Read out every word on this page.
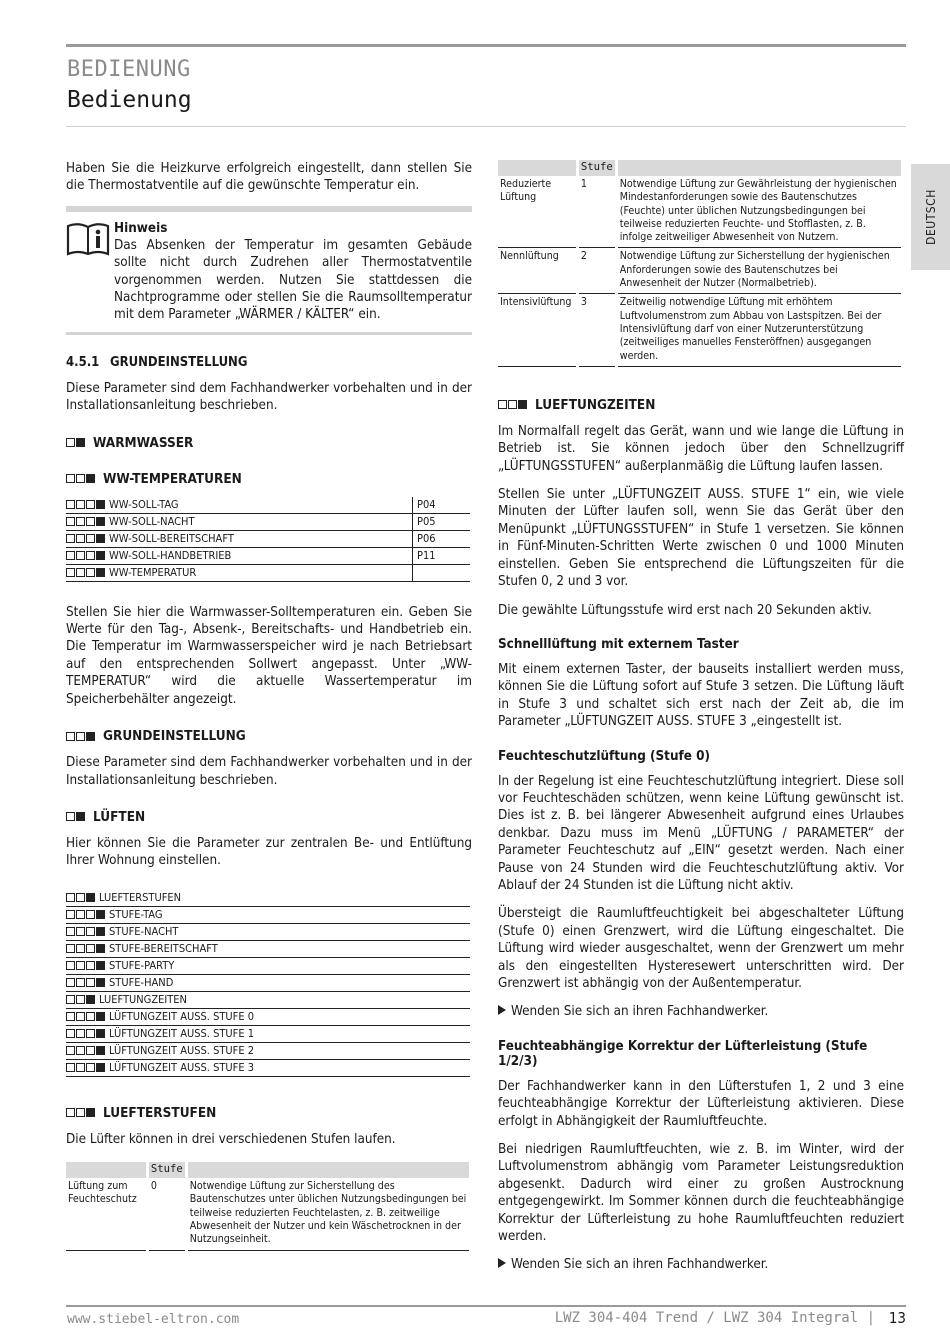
BEDIENUNG
Bedienung
DEUTSCH

Haben Sie die Heizkurve erfolgreich eingestellt, dann stellen Sie die Thermostatventile auf die gewünschte Temperatur ein.

Hinweis
Das Absenken der Temperatur im gesamten Gebäude sollte nicht durch Zudrehen aller Thermostatventile vorgenommen werden. Nutzen Sie stattdessen die Nachtprogramme oder stellen Sie die Raumsolltemperatur mit dem Parameter „WÄRMER / KÄLTER“ ein.
4.5.1 GRUNDEINSTELLUNG

Diese Parameter sind dem Fachhandwerker vorbehalten und in der Installationsanleitung beschrieben.

WARMWASSER
WW-TEMPERATUREN
WW-SOLL-TAG	P04
WW-SOLL-NACHT	P05
WW-SOLL-BEREITSCHAFT	P06
WW-SOLL-HANDBETRIEB	P11
WW-TEMPERATUR

Stellen Sie hier die Warmwasser-Solltemperaturen ein. Geben Sie Werte für den Tag-, Absenk-, Bereitschafts- und Handbetrieb ein. Die Temperatur im Warmwasserspeicher wird je nach Betriebsart auf den entsprechenden Sollwert angepasst. Unter „WW-TEMPERATUR“ wird die aktuelle Wassertemperatur im Speicherbehälter angezeigt.

GRUNDEINSTELLUNG

Diese Parameter sind dem Fachhandwerker vorbehalten und in der Installationsanleitung beschrieben.

LÜFTEN

Hier können Sie die Parameter zur zentralen Be- und Entlüftung Ihrer Wohnung einstellen.

LUEFTERSTUFEN
STUFE-TAG
STUFE-NACHT
STUFE-BEREITSCHAFT
STUFE-PARTY
STUFE-HAND
LUEFTUNGZEITEN
LÜFTUNGZEIT AUSS. STUFE 0
LÜFTUNGZEIT AUSS. STUFE 1
LÜFTUNGZEIT AUSS. STUFE 2
LÜFTUNGZEIT AUSS. STUFE 3
LUEFTERSTUFEN

Die Lüfter können in drei verschiedenen Stufen laufen.

	Stufe	
Lüftung zum Feuchteschutz	0	Notwendige Lüftung zur Sicherstellung des Bautenschutzes unter üblichen Nutzungsbedingungen bei teilweise reduzierten Feuchtelasten, z. B. zeitweilige Abwesenheit der Nutzer und kein Wäschetrocknen in der Nutzungseinheit.
	Stufe	
Reduzierte Lüftung	1	Notwendige Lüftung zur Gewährleistung der hygienischen Mindestanforderungen sowie des Bautenschutzes (Feuchte) unter üblichen Nutzungsbedingungen bei teilweise reduzierten Feuchte- und Stofflasten, z. B. infolge zeitweiliger Abwesenheit von Nutzern.
Nennlüftung	2	Notwendige Lüftung zur Sicherstellung der hygienischen Anforderungen sowie des Bautenschutzes bei Anwesenheit der Nutzer (Normalbetrieb).
Intensivlüftung	3	Zeitweilig notwendige Lüftung mit erhöhtem Luftvolumenstrom zum Abbau von Lastspitzen. Bei der Intensivlüftung darf von einer Nutzerunterstützung (zeitweiliges manuelles Fensteröffnen) ausgegangen werden.
LUEFTUNGZEITEN

Im Normalfall regelt das Gerät, wann und wie lange die Lüftung in Betrieb ist. Sie können jedoch über den Schnellzugriff „LÜFTUNGSSTUFEN“ außerplanmäßig die Lüftung laufen lassen.

Stellen Sie unter „LÜFTUNGZEIT AUSS. STUFE 1“ ein, wie viele Minuten der Lüfter laufen soll, wenn Sie das Gerät über den Menüpunkt „LÜFTUNGSSTUFEN“ in Stufe 1 versetzen. Sie können in Fünf-Minuten-Schritten Werte zwischen 0 und 1000 Minuten einstellen. Geben Sie entsprechend die Lüftungszeiten für die Stufen 0, 2 und 3 vor.

Die gewählte Lüftungsstufe wird erst nach 20 Sekunden aktiv.

Schnelllüftung mit externem Taster

Mit einem externen Taster, der bauseits installiert werden muss, können Sie die Lüftung sofort auf Stufe 3 setzen. Die Lüftung läuft in Stufe 3 und schaltet sich erst nach der Zeit ab, die im Parameter „LÜFTUNGZEIT AUSS. STUFE 3 „eingestellt ist.

Feuchteschutzlüftung (Stufe 0)

In der Regelung ist eine Feuchteschutzlüftung integriert. Diese soll vor Feuchteschäden schützen, wenn keine Lüftung gewünscht ist. Dies ist z. B. bei längerer Abwesenheit aufgrund eines Urlaubes denkbar. Dazu muss im Menü „LÜFTUNG / PARAMETER“ der Parameter Feuchteschutz auf „EIN“ gesetzt werden. Nach einer Pause von 24 Stunden wird die Feuchteschutzlüftung aktiv. Vor Ablauf der 24 Stunden ist die Lüftung nicht aktiv.

Übersteigt die Raumluftfeuchtigkeit bei abgeschalteter Lüftung (Stufe 0) einen Grenzwert, wird die Lüftung eingeschaltet. Die Lüftung wird wieder ausgeschaltet, wenn der Grenzwert um mehr als den eingestellten Hysteresewert unterschritten wird. Der Grenzwert ist abhängig von der Außentemperatur.

Wenden Sie sich an ihren Fachhandwerker.
Feuchteabhängige Korrektur der Lüfterleistung (Stufe 1/2/3)

Der Fachhandwerker kann in den Lüfterstufen 1, 2 und 3 eine feuchteabhängige Korrektur der Lüfterleistung aktivieren. Diese erfolgt in Abhängigkeit der Raumluftfeuchte.

Bei niedrigen Raumluftfeuchten, wie z. B. im Winter, wird der Luftvolumenstrom abhängig vom Parameter Leistungsreduktion abgesenkt. Dadurch wird einer zu großen Austrocknung entgegengewirkt. Im Sommer können durch die feuchteabhängige Korrektur der Lüfterleistung zu hohe Raumluftfeuchten reduziert werden.

Wenden Sie sich an ihren Fachhandwerker.
www.stiebel-eltron.com	LWZ 304-404 Trend / LWZ 304 Integral | 13
